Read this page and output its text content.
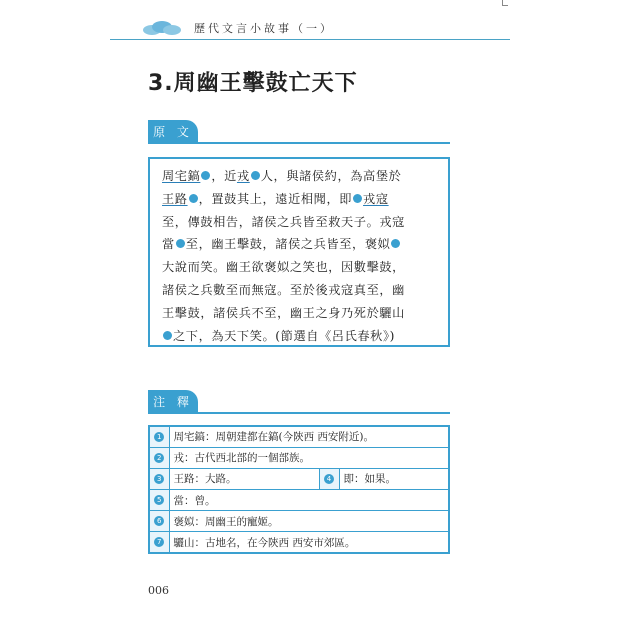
歷代文言小故事（一）
3.周幽王擊鼓亡天下
原 文
周宅鎬 ，近戎 人，與諸侯約，為高堡於
王路 ，置鼓其上，遠近相聞，即 戎寇
至，傳鼓相告，諸侯之兵皆至救天子。戎寇
當 至，幽王擊鼓，諸侯之兵皆至，褒姒
大說而笑。幽王欲褒姒之笑也，因數擊鼓，
諸侯之兵數至而無寇。至於後戎寇真至，幽
王擊鼓，諸侯兵不至，幽王之身乃死於驪山
之下，為天下笑。(節選自《呂氏春秋》)
注 釋
1	周宅鎬：周朝建都在鎬(今陝西 西安附近)。		
2	戎：古代西北部的一個部族。		
3	王路：大路。	4	即：如果。
5	當：曾。		
6	褒姒：周幽王的寵姬。		
7	驪山：古地名，在今陝西 西安市郊區。		
006
